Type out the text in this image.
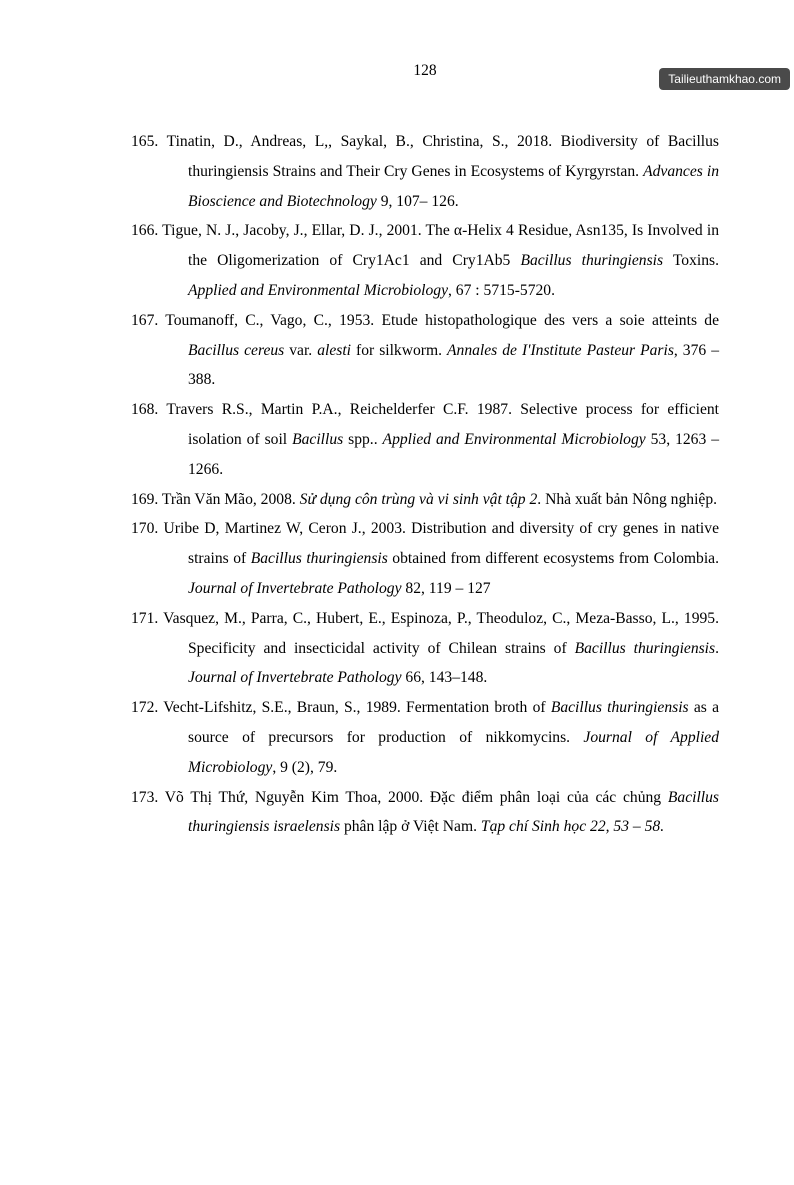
Tailieuthamkhao.com
128

165. Tinatin, D., Andreas, L,, Saykal, B., Christina, S., 2018. Biodiversity of Bacillus thuringiensis Strains and Their Cry Genes in Ecosystems of Kyrgyrstan. Advances in Bioscience and Biotechnology 9, 107– 126.

166. Tigue, N. J., Jacoby, J., Ellar, D. J., 2001. The α-Helix 4 Residue, Asn135, Is Involved in the Oligomerization of Cry1Ac1 and Cry1Ab5 Bacillus thuringiensis Toxins. Applied and Environmental Microbiology, 67 : 5715-5720.

167. Toumanoff, C., Vago, C., 1953. Etude histopathologique des vers a soie atteints de Bacillus cereus var. alesti for silkworm. Annales de I'Institute Pasteur Paris, 376 – 388.

168. Travers R.S., Martin P.A., Reichelderfer C.F. 1987. Selective process for efficient isolation of soil Bacillus spp.. Applied and Environmental Microbiology 53, 1263 – 1266.

169. Trần Văn Mão, 2008. Sử dụng côn trùng và vi sinh vật tập 2. Nhà xuất bản Nông nghiệp.

170. Uribe D, Martinez W, Ceron J., 2003. Distribution and diversity of cry genes in native strains of Bacillus thuringiensis obtained from different ecosystems from Colombia. Journal of Invertebrate Pathology 82, 119 – 127

171. Vasquez, M., Parra, C., Hubert, E., Espinoza, P., Theoduloz, C., Meza-Basso, L., 1995. Specificity and insecticidal activity of Chilean strains of Bacillus thuringiensis. Journal of Invertebrate Pathology 66, 143–148.

172. Vecht-Lifshitz, S.E., Braun, S., 1989. Fermentation broth of Bacillus thuringiensis as a source of precursors for production of nikkomycins. Journal of Applied Microbiology, 9 (2), 79.

173. Võ Thị Thứ, Nguyễn Kim Thoa, 2000. Đặc điểm phân loại của các chủng Bacillus thuringiensis israelensis phân lập ở Việt Nam. Tạp chí Sinh học 22, 53 – 58.
